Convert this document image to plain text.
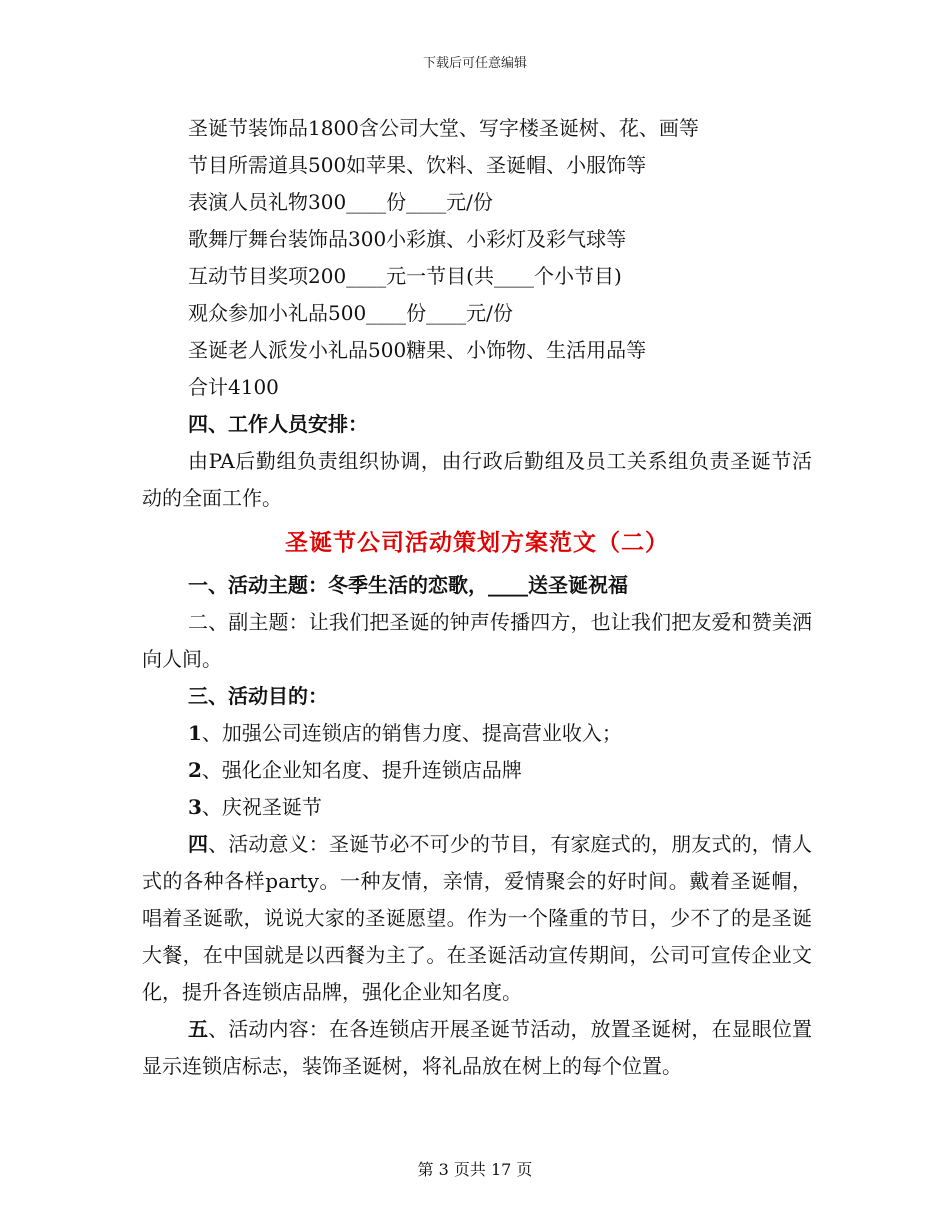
下载后可任意编辑
圣诞节装饰品1800含公司大堂、写字楼圣诞树、花、画等
节目所需道具500如苹果、饮料、圣诞帽、小服饰等
表演人员礼物300____份____元/份
歌舞厅舞台装饰品300小彩旗、小彩灯及彩气球等
互动节目奖项200____元一节目(共____个小节目)
观众参加小礼品500____份____元/份
圣诞老人派发小礼品500糖果、小饰物、生活用品等
合计4100
四、工作人员安排：
由PA后勤组负责组织协调，由行政后勤组及员工关系组负责圣诞节活动的全面工作。
圣诞节公司活动策划方案范文（二）
一、活动主题：冬季生活的恋歌，____送圣诞祝福
二、副主题：让我们把圣诞的钟声传播四方，也让我们把友爱和赞美洒向人间。
三、活动目的：
1、加强公司连锁店的销售力度、提高营业收入；
2、强化企业知名度、提升连锁店品牌
3、庆祝圣诞节
四、活动意义：圣诞节必不可少的节目，有家庭式的，朋友式的，情人式的各种各样party。一种友情，亲情，爱情聚会的好时间。戴着圣诞帽，唱着圣诞歌，说说大家的圣诞愿望。作为一个隆重的节日，少不了的是圣诞大餐，在中国就是以西餐为主了。在圣诞活动宣传期间，公司可宣传企业文化，提升各连锁店品牌，强化企业知名度。
五、活动内容：在各连锁店开展圣诞节活动，放置圣诞树，在显眼位置显示连锁店标志，装饰圣诞树，将礼品放在树上的每个位置。
第 3 页共 17 页
